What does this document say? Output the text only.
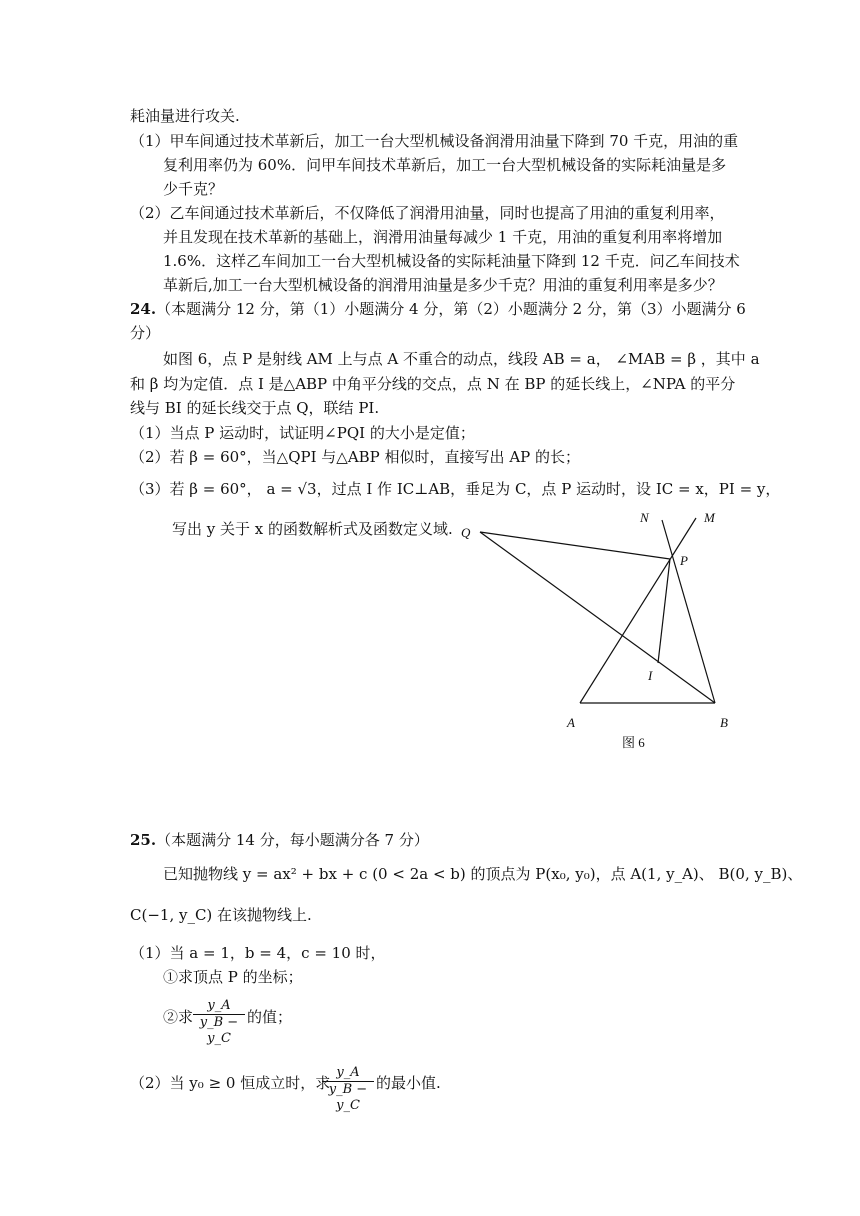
耗油量进行攻关.
（1）甲车间通过技术革新后，加工一台大型机械设备润滑用油量下降到 70 千克，用油的重
复利用率仍为 60%．问甲车间技术革新后，加工一台大型机械设备的实际耗油量是多
少千克？
（2）乙车间通过技术革新后，不仅降低了润滑用油量，同时也提高了用油的重复利用率，
并且发现在技术革新的基础上，润滑用油量每减少 1 千克，用油的重复利用率将增加
1.6%．这样乙车间加工一台大型机械设备的实际耗油量下降到 12 千克．问乙车间技术
革新后,加工一台大型机械设备的润滑用油量是多少千克？用油的重复利用率是多少？
24.（本题满分 12 分，第（1）小题满分 4 分，第（2）小题满分 2 分，第（3）小题满分 6
分）
如图 6，点 P 是射线 AM 上与点 A 不重合的动点，线段 AB = a， ∠MAB = β ，其中 a
和 β 均为定值．点 I 是△ABP 中角平分线的交点，点 N 在 BP 的延长线上，∠NPA 的平分
线与 BI 的延长线交于点 Q，联结 PI.
（1）当点 P 运动时，试证明∠PQI 的大小是定值；
（2）若 β = 60°，当△QPI 与△ABP 相似时，直接写出 AP 的长；
（3）若 β = 60°， a = √3，过点 I 作 IC⊥AB，垂足为 C，点 P 运动时，设 IC = x，PI = y，
写出 y 关于 x 的函数解析式及函数定义域.
N	M
Q
P
I
A	B
图 6
25.（本题满分 14 分，每小题满分各 7 分）
已知抛物线 y = ax² + bx + c (0 < 2a < b) 的顶点为 P(x₀, y₀)，点 A(1, y_A)、 B(0, y_B)、
C(−1, y_C) 在该抛物线上.
（1）当 a = 1，b = 4，c = 10 时，
①求顶点 P 的坐标；
②求
y_A
y_B − y_C
的值；
（2）当 y₀ ≥ 0 恒成立时，求
y_A
y_B − y_C
的最小值.
